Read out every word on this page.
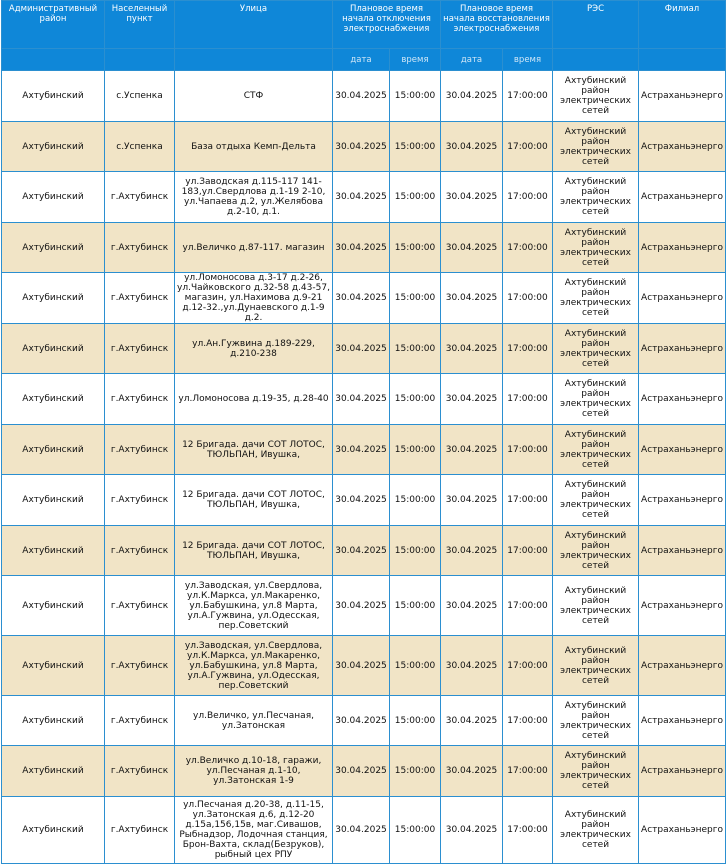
Административный район	Населенный пункт	Улица	Плановое время начала отключения электроснабжения		Плановое время начала восстановления электроснабжения		РЭС	Филиал
			дата	время	дата	время		
Ахтубинский	с.Успенка	СТФ	30.04.2025	15:00:00	30.04.2025	17:00:00	Ахтубинский район электрических сетей	Астраханьэнерго
Ахтубинский	с.Успенка	База отдыха Кемп-Дельта	30.04.2025	15:00:00	30.04.2025	17:00:00	Ахтубинский район электрических сетей	Астраханьэнерго
Ахтубинский	г.Ахтубинск	ул.Заводская д.115-117 141-183,ул.Свердлова д.1-19 2-10, ул.Чапаева д.2, ул.Желябова д.2-10, д.1.	30.04.2025	15:00:00	30.04.2025	17:00:00	Ахтубинский район электрических сетей	Астраханьэнерго
Ахтубинский	г.Ахтубинск	ул.Величко д.87-117. магазин	30.04.2025	15:00:00	30.04.2025	17:00:00	Ахтубинский район электрических сетей	Астраханьэнерго
Ахтубинский	г.Ахтубинск	ул.Ломоносова д.3-17 д.2-26, ул.Чайковского д.32-58 д.43-57, магазин, ул.Нахимова д.9-21 д.12-32.,ул.Дунаевского д.1-9 д.2.	30.04.2025	15:00:00	30.04.2025	17:00:00	Ахтубинский район электрических сетей	Астраханьэнерго
Ахтубинский	г.Ахтубинск	ул.Ан.Гужвина д.189-229, д.210-238	30.04.2025	15:00:00	30.04.2025	17:00:00	Ахтубинский район электрических сетей	Астраханьэнерго
Ахтубинский	г.Ахтубинск	ул.Ломоносова д.19-35, д.28-40	30.04.2025	15:00:00	30.04.2025	17:00:00	Ахтубинский район электрических сетей	Астраханьэнерго
Ахтубинский	г.Ахтубинск	12 Бригада. дачи СОТ ЛОТОС, ТЮЛЬПАН, Ивушка,	30.04.2025	15:00:00	30.04.2025	17:00:00	Ахтубинский район электрических сетей	Астраханьэнерго
Ахтубинский	г.Ахтубинск	12 Бригада. дачи СОТ ЛОТОС, ТЮЛЬПАН, Ивушка,	30.04.2025	15:00:00	30.04.2025	17:00:00	Ахтубинский район электрических сетей	Астраханьэнерго
Ахтубинский	г.Ахтубинск	12 Бригада. дачи СОТ ЛОТОС, ТЮЛЬПАН, Ивушка,	30.04.2025	15:00:00	30.04.2025	17:00:00	Ахтубинский район электрических сетей	Астраханьэнерго
Ахтубинский	г.Ахтубинск	ул.Заводская, ул.Свердлова, ул.К.Маркса, ул.Макаренко, ул.Бабушкина, ул.8 Марта, ул.А.Гужвина, ул.Одесская, пер.Советский	30.04.2025	15:00:00	30.04.2025	17:00:00	Ахтубинский район электрических сетей	Астраханьэнерго
Ахтубинский	г.Ахтубинск	ул.Заводская, ул.Свердлова, ул.К.Маркса, ул.Макаренко, ул.Бабушкина, ул.8 Марта, ул.А.Гужвина, ул.Одесская, пер.Советский	30.04.2025	15:00:00	30.04.2025	17:00:00	Ахтубинский район электрических сетей	Астраханьэнерго
Ахтубинский	г.Ахтубинск	ул.Величко, ул.Песчаная, ул.Затонская	30.04.2025	15:00:00	30.04.2025	17:00:00	Ахтубинский район электрических сетей	Астраханьэнерго
Ахтубинский	г.Ахтубинск	ул.Величко д.10-18, гаражи, ул.Песчаная д.1-10, ул.Затонская 1-9	30.04.2025	15:00:00	30.04.2025	17:00:00	Ахтубинский район электрических сетей	Астраханьэнерго
Ахтубинский	г.Ахтубинск	ул.Песчаная д.20-38, д.11-15, ул.Затонская д.6, д.12-20 д.15а,156,15в, маг.Сивашов, Рыбнадзор, Лодочная станция, Брон-Вахта, склад(Безруков), рыбный цех РПУ	30.04.2025	15:00:00	30.04.2025	17:00:00	Ахтубинский район электрических сетей	Астраханьэнерго
